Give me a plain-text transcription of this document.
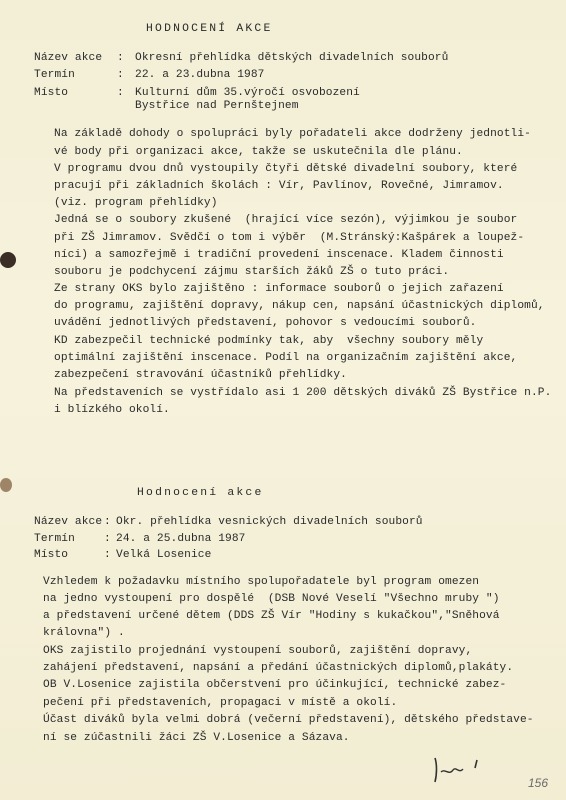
HODNOCENÍ AKCE
Název akce : Okresní přehlídka dětských divadelních souborů
Termín	: 22. a 23.dubna 1987
Místo	: Kulturní dům 35.výročí osvobození
Bystřice nad Pernštejnem
Na základě dohody o spolupráci byly pořadateli akce dodrženy jednotli-
vé body při organizaci akce, takže se uskutečnila dle plánu.
V programu dvou dnů vystoupily čtyři dětské divadelní soubory, které
pracují při základních školách : Vír, Pavlínov, Rovečné, Jimramov.
(viz. program přehlídky)
Jedná se o soubory zkušené  (hrající více sezón), výjimkou je soubor
při ZŠ Jimramov. Svědčí o tom i výběr  (M.Stránský:Kašpárek a loupež-
níci) a samozřejmě i tradiční provedení inscenace. Kladem činnosti
souboru je podchycení zájmu starších žáků ZŠ o tuto práci.
Ze strany OKS bylo zajištěno : informace souborů o jejich zařazení
do programu, zajištění dopravy, nákup cen, napsání účastnických diplomů,
uvádění jednotlivých představení, pohovor s vedoucími souborů.
KD zabezpečil technické podmínky tak, aby  všechny soubory měly
optimální zajištění inscenace. Podíl na organizačním zajištění akce,
zabezpečení stravování účastníků přehlídky.
Na představeních se vystřídalo asi 1 200 dětských diváků ZŠ Bystřice n.P.
i blízkého okolí.
Hodnocení akce
Název akce : Okr. přehlídka vesnických divadelních souborů
Termín	: 24. a 25.dubna 1987
Místo	: Velká Losenice
Vzhledem k požadavku místního spolupořadatele byl program omezen
na jedno vystoupení pro dospělé  (DSB Nové Veselí "Všechno mruby ")
a představení určené dětem (DDS ZŠ Vír "Hodiny s kukačkou","Sněhová
královna") .
OKS zajistilo projednání vystoupení souborů, zajištění dopravy,
zahájení představení, napsání a předání účastnických diplomů,plakáty.
OB V.Losenice zajistila občerstvení pro účinkující, technické zabez-
pečení při představeních, propagaci v místě a okolí.
Účast diváků byla velmi dobrá (večerní představení), dětského představe-
ní se zúčastnili žáci ZŠ V.Losenice a Sázava.
156
